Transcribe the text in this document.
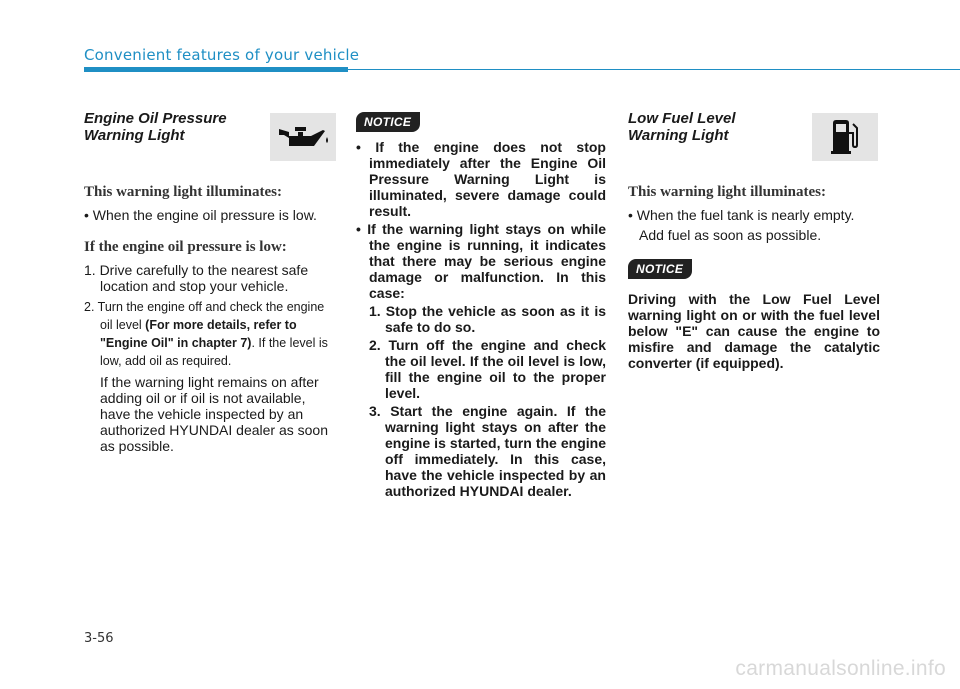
Convenient features of your vehicle

Engine Oil Pressure
Warning Light

This warning light illuminates:

• When the engine oil pressure is low.

If the engine oil pressure is low:

1. Drive carefully to the nearest safe location and stop your vehicle.

2. Turn the engine off and check the engine oil level (For more details, refer to "Engine Oil" in chapter 7). If the level is low, add oil as required.

If the warning light remains on after adding oil or if oil is not available, have the vehicle inspected by an authorized HYUNDAI dealer as soon as possible.

NOTICE

• If the engine does not stop immediately after the Engine Oil Pressure Warning Light is illuminated, severe damage could result.

• If the warning light stays on while the engine is running, it indicates that there may be serious engine damage or malfunction. In this case:

1. Stop the vehicle as soon as it is safe to do so.

2. Turn off the engine and check the oil level. If the oil level is low, fill the engine oil to the proper level.

3. Start the engine again. If the warning light stays on after the engine is started, turn the engine off immediately. In this case, have the vehicle inspected by an authorized HYUNDAI dealer.

Low Fuel Level
Warning Light

This warning light illuminates:

• When the fuel tank is nearly empty.

Add fuel as soon as possible.

NOTICE

Driving with the Low Fuel Level warning light on or with the fuel level below "E" can cause the engine to misfire and damage the catalytic converter (if equipped).

3-56
carmanualsonline.info
